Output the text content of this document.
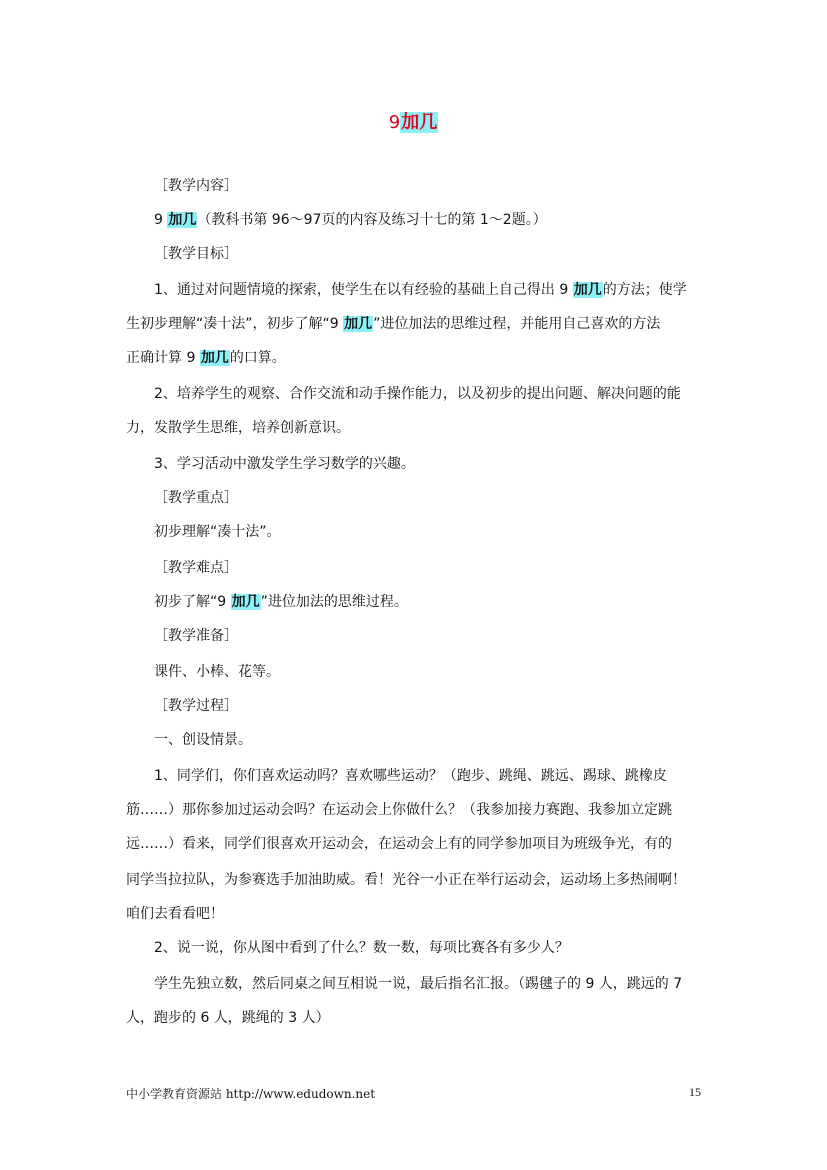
9加几
［教学内容］
9 加几（教科书第 96～97页的内容及练习十七的第 1～2题。）
［教学目标］
1、通过对问题情境的探索，使学生在以有经验的基础上自己得出 9 加几的方法；使学
生初步理解“凑十法”，初步了解“9 加几”进位加法的思维过程，并能用自己喜欢的方法
正确计算 9 加几的口算。
2、培养学生的观察、合作交流和动手操作能力，以及初步的提出问题、解决问题的能
力，发散学生思维，培养创新意识。
3、学习活动中激发学生学习数学的兴趣。
［教学重点］
初步理解“凑十法”。
［教学难点］
初步了解“9 加几”进位加法的思维过程。
［教学准备］
课件、小棒、花等。
［教学过程］
一、创设情景。
1、同学们，你们喜欢运动吗？喜欢哪些运动？（跑步、跳绳、跳远、踢球、跳橡皮
筋……）那你参加过运动会吗？在运动会上你做什么？（我参加接力赛跑、我参加立定跳
远……）看来，同学们很喜欢开运动会，在运动会上有的同学参加项目为班级争光，有的
同学当拉拉队，为参赛选手加油助威。看！光谷一小正在举行运动会，运动场上多热闹啊！
咱们去看看吧！
2、说一说，你从图中看到了什么？数一数，每项比赛各有多少人？
学生先独立数，然后同桌之间互相说一说，最后指名汇报。（踢毽子的 9 人，跳远的 7
人，跑步的 6 人，跳绳的 3 人）
中小学教育资源站 http://www.edudown.net	15
